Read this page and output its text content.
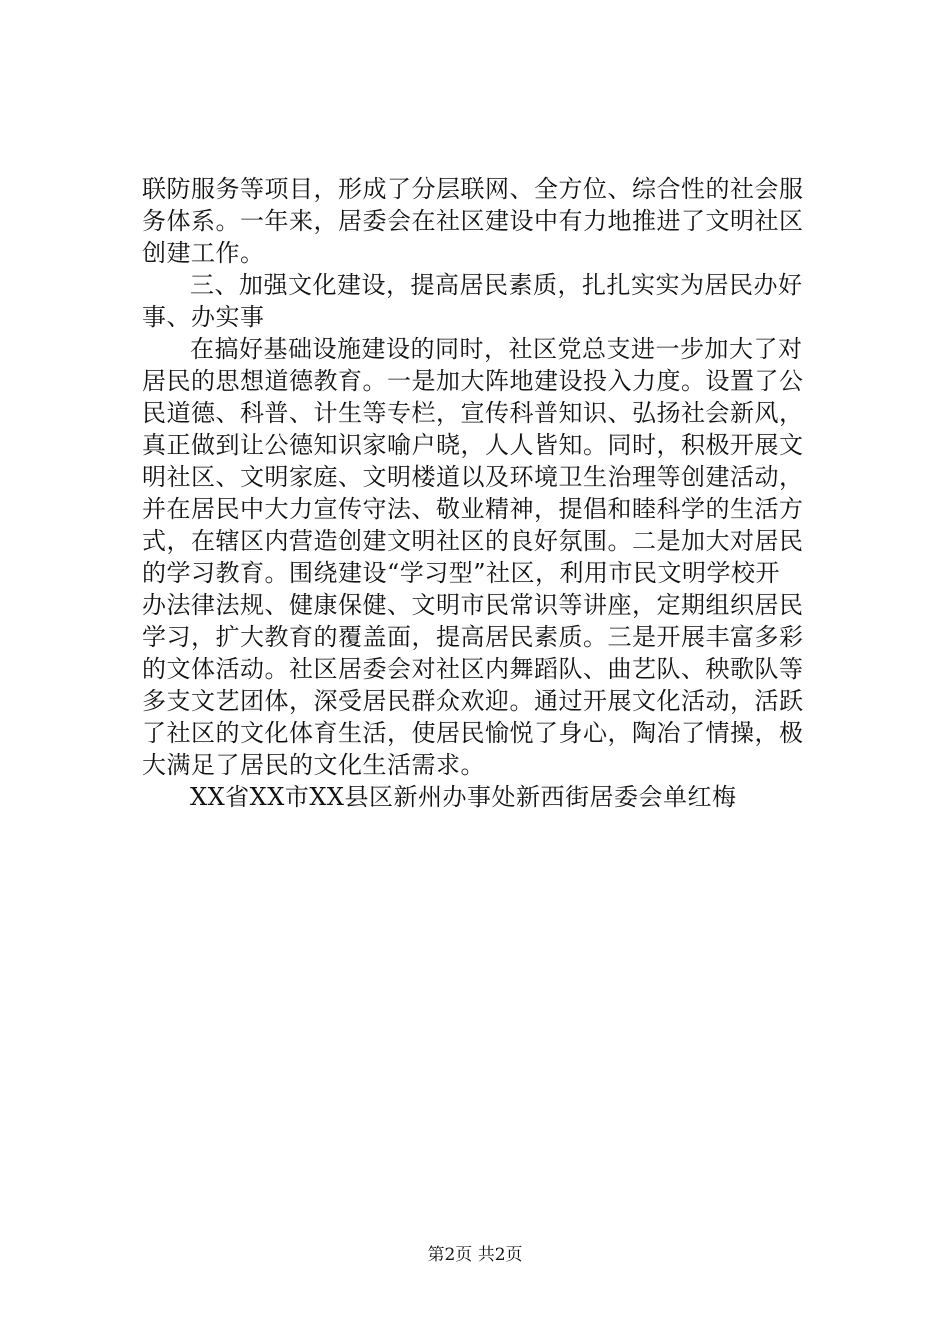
联防服务等项目，形成了分层联网、全方位、综合性的社会服
务体系。一年来，居委会在社区建设中有力地推进了文明社区
创建工作。
三、加强文化建设，提高居民素质，扎扎实实为居民办好
事、办实事
在搞好基础设施建设的同时，社区党总支进一步加大了对
居民的思想道德教育。一是加大阵地建设投入力度。设置了公
民道德、科普、计生等专栏，宣传科普知识、弘扬社会新风，
真正做到让公德知识家喻户晓，人人皆知。同时，积极开展文
明社区、文明家庭、文明楼道以及环境卫生治理等创建活动，
并在居民中大力宣传守法、敬业精神，提倡和睦科学的生活方
式，在辖区内营造创建文明社区的良好氛围。二是加大对居民
的学习教育。围绕建设“学习型”社区，利用市民文明学校开
办法律法规、健康保健、文明市民常识等讲座，定期组织居民
学习，扩大教育的覆盖面，提高居民素质。三是开展丰富多彩
的文体活动。社区居委会对社区内舞蹈队、曲艺队、秧歌队等
多支文艺团体，深受居民群众欢迎。通过开展文化活动，活跃
了社区的文化体育生活，使居民愉悦了身心，陶冶了情操，极
大满足了居民的文化生活需求。
XX省XX市XX县区新州办事处新西街居委会单红梅
第2页 共2页
